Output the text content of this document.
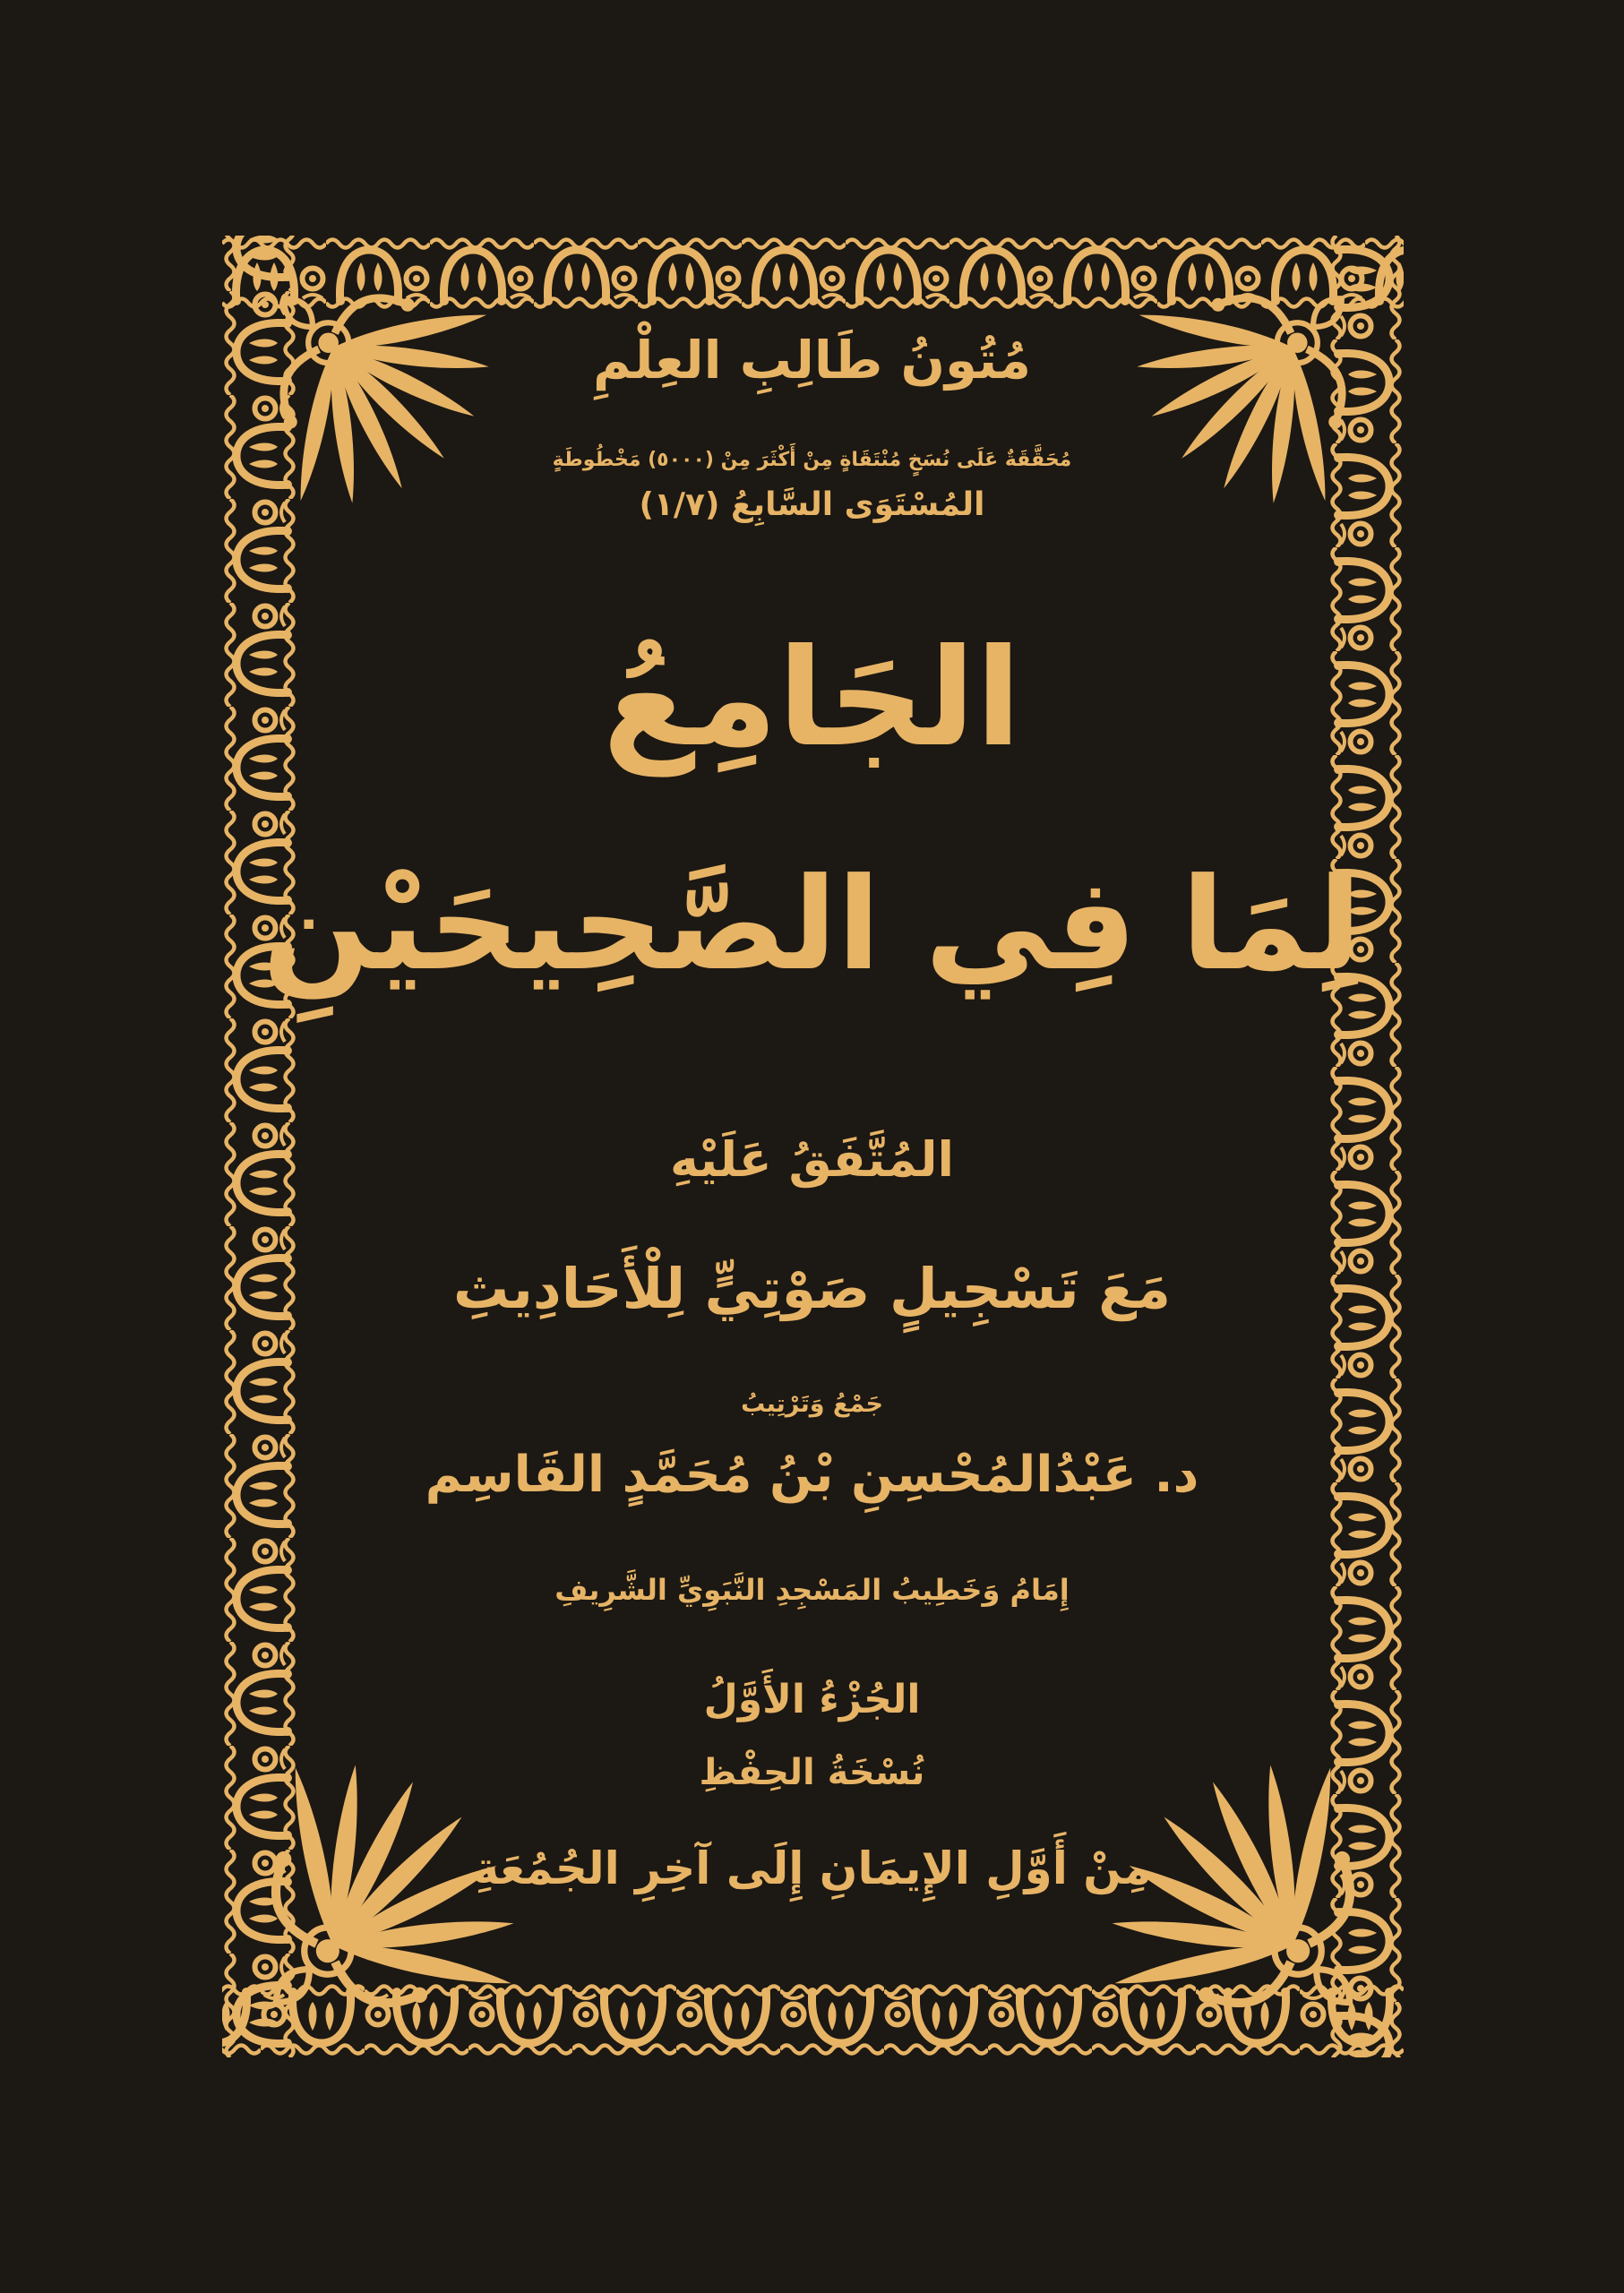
مُتُونُ طَالِبِ العِلْمِ
مُحَقَّقَةٌ عَلَى نُسَخٍ مُنْتَقَاةٍ مِنْ أَكْثَرَ مِنْ (٥٠٠٠) مَخْطُوطَةٍ
المُسْتَوَى السَّابِعُ (١/٧)
الجَامِعُ
لِمَا فِي الصَّحِيحَيْنِ
المُتَّفَقُ عَلَيْهِ
مَعَ تَسْجِيلٍ صَوْتِيٍّ لِلْأَحَادِيثِ
جَمْعُ وَتَرْتِيبُ
د. عَبْدُالمُحْسِنِ بْنُ مُحَمَّدٍ القَاسِم
إِمَامُ وَخَطِيبُ المَسْجِدِ النَّبَوِيِّ الشَّرِيفِ
الجُزْءُ الأَوَّلُ
نُسْخَةُ الحِفْظِ
مِنْ أَوَّلِ الإِيمَانِ إِلَى آخِرِ الجُمُعَةِ
